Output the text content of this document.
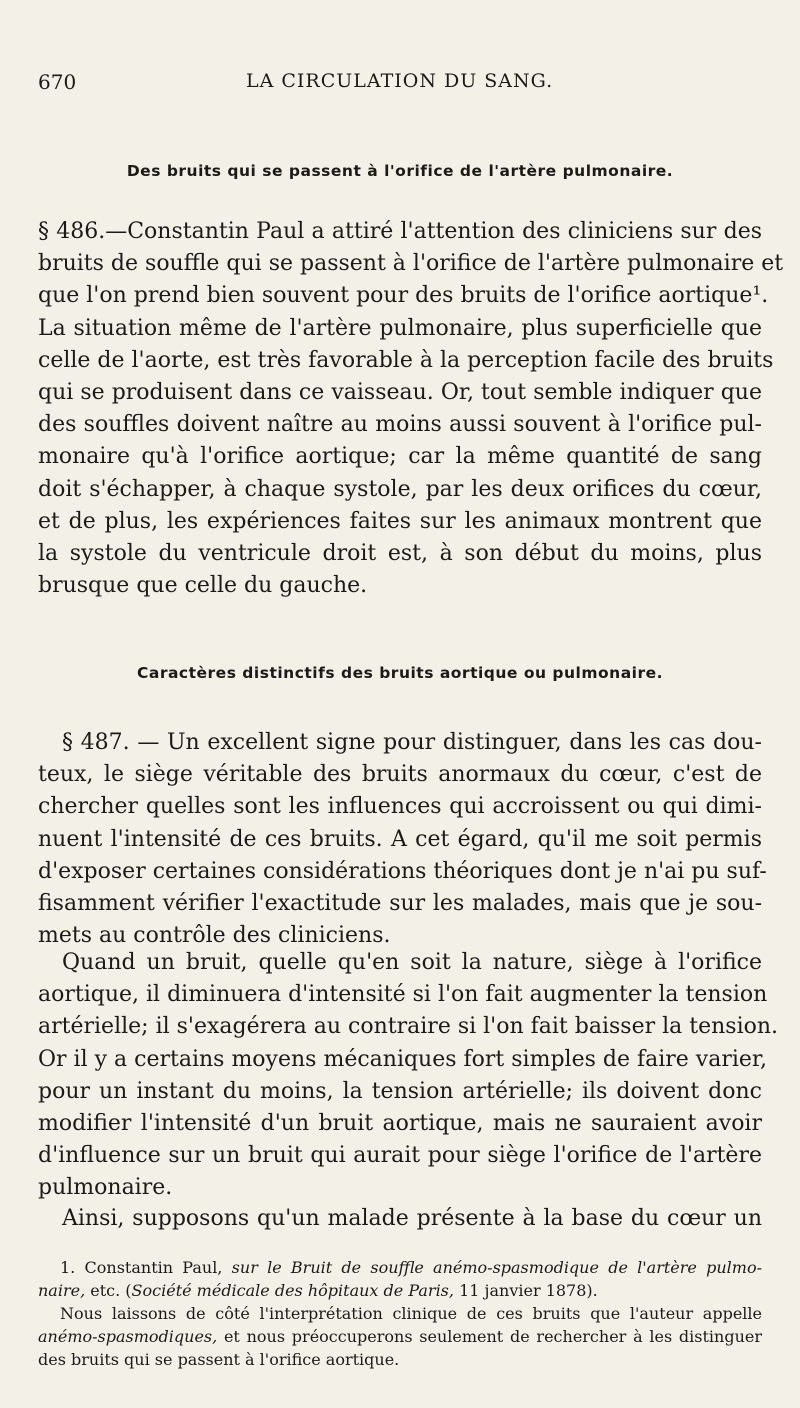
670	LA CIRCULATION DU SANG.
Des bruits qui se passent à l'orifice de l'artère pulmonaire.
§ 486.—Constantin Paul a attiré l'attention des cliniciens sur des
bruits de souffle qui se passent à l'orifice de l'artère pulmonaire et
que l'on prend bien souvent pour des bruits de l'orifice aortique¹.
La situation même de l'artère pulmonaire, plus superficielle que
celle de l'aorte, est très favorable à la perception facile des bruits
qui se produisent dans ce vaisseau. Or, tout semble indiquer que
des souffles doivent naître au moins aussi souvent à l'orifice pul-
monaire qu'à l'orifice aortique; car la même quantité de sang
doit s'échapper, à chaque systole, par les deux orifices du cœur,
et de plus, les expériences faites sur les animaux montrent que
la systole du ventricule droit est, à son début du moins, plus
brusque que celle du gauche.
Caractères distinctifs des bruits aortique ou pulmonaire.
§ 487. — Un excellent signe pour distinguer, dans les cas dou-
teux, le siège véritable des bruits anormaux du cœur, c'est de
chercher quelles sont les influences qui accroissent ou qui dimi-
nuent l'intensité de ces bruits. A cet égard, qu'il me soit permis
d'exposer certaines considérations théoriques dont je n'ai pu suf-
fisamment vérifier l'exactitude sur les malades, mais que je sou-
mets au contrôle des cliniciens.
Quand un bruit, quelle qu'en soit la nature, siège à l'orifice
aortique, il diminuera d'intensité si l'on fait augmenter la tension
artérielle; il s'exagérera au contraire si l'on fait baisser la tension.
Or il y a certains moyens mécaniques fort simples de faire varier,
pour un instant du moins, la tension artérielle; ils doivent donc
modifier l'intensité d'un bruit aortique, mais ne sauraient avoir
d'influence sur un bruit qui aurait pour siège l'orifice de l'artère
pulmonaire.
Ainsi, supposons qu'un malade présente à la base du cœur un
1. Constantin Paul, sur le Bruit de souffle anémo-spasmodique de l'artère pulmo-
naire, etc. (Société médicale des hôpitaux de Paris, 11 janvier 1878).
Nous laissons de côté l'interprétation clinique de ces bruits que l'auteur appelle
anémo-spasmodiques, et nous préoccuperons seulement de rechercher à les distinguer
des bruits qui se passent à l'orifice aortique.
